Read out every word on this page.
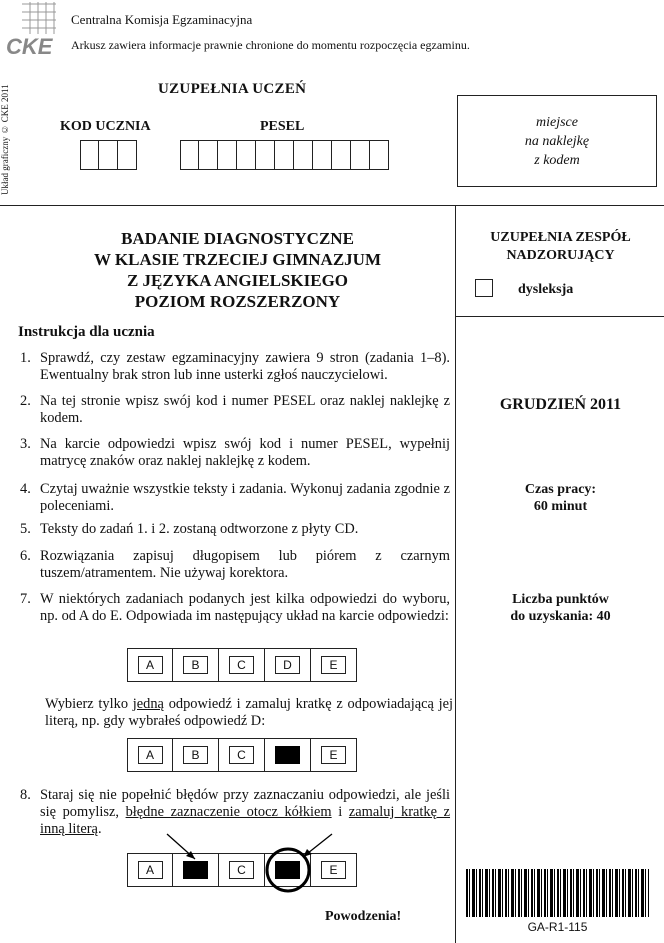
CKE
Centralna Komisja Egzaminacyjna
Arkusz zawiera informacje prawnie chronione do momentu rozpoczęcia egzaminu.
Układ graficzny © CKE 2011	UZUPEŁNIA UCZEŃ
KOD UCZNIA	PESEL	miejsce
na naklejkę
z kodem
BADANIE DIAGNOSTYCZNE
W KLASIE TRZECIEJ GIMNAZJUM
Z JĘZYKA ANGIELSKIEGO
POZIOM ROZSZERZONY
UZUPEŁNIA ZESPÓŁ
NADZORUJĄCY
dysleksja
Instrukcja dla ucznia
1. Sprawdź, czy zestaw egzaminacyjny zawiera 9 stron (zadania 1–8). Ewentualny brak stron lub inne usterki zgłoś nauczycielowi.
2. Na tej stronie wpisz swój kod i numer PESEL oraz naklej naklejkę z kodem.
3. Na karcie odpowiedzi wpisz swój kod i numer PESEL, wypełnij matrycę znaków oraz naklej naklejkę z kodem.
4. Czytaj uważnie wszystkie teksty i zadania. Wykonuj zadania zgodnie z poleceniami.
5. Teksty do zadań 1. i 2. zostaną odtworzone z płyty CD.
6. Rozwiązania zapisuj długopisem lub piórem z czarnym tuszem/atramentem. Nie używaj korektora.
7. W niektórych zadaniach podanych jest kilka odpowiedzi do wyboru, np. od A do E. Odpowiada im następujący układ na karcie odpowiedzi:
A	B	C	D	E
Wybierz tylko jedną odpowiedź i zamaluj kratkę z odpowiadającą jej literą, np. gdy wybrałeś odpowiedź D:
A	B	C	E
8. Staraj się nie popełnić błędów przy zaznaczaniu odpowiedzi, ale jeśli się pomylisz, błędne zaznaczenie otocz kółkiem i zamaluj kratkę z inną literą.
A	C	E
Powodzenia!
GRUDZIEŃ 2011
Czas pracy:
60 minut
Liczba punktów
do uzyskania: 40
GA-R1-115
